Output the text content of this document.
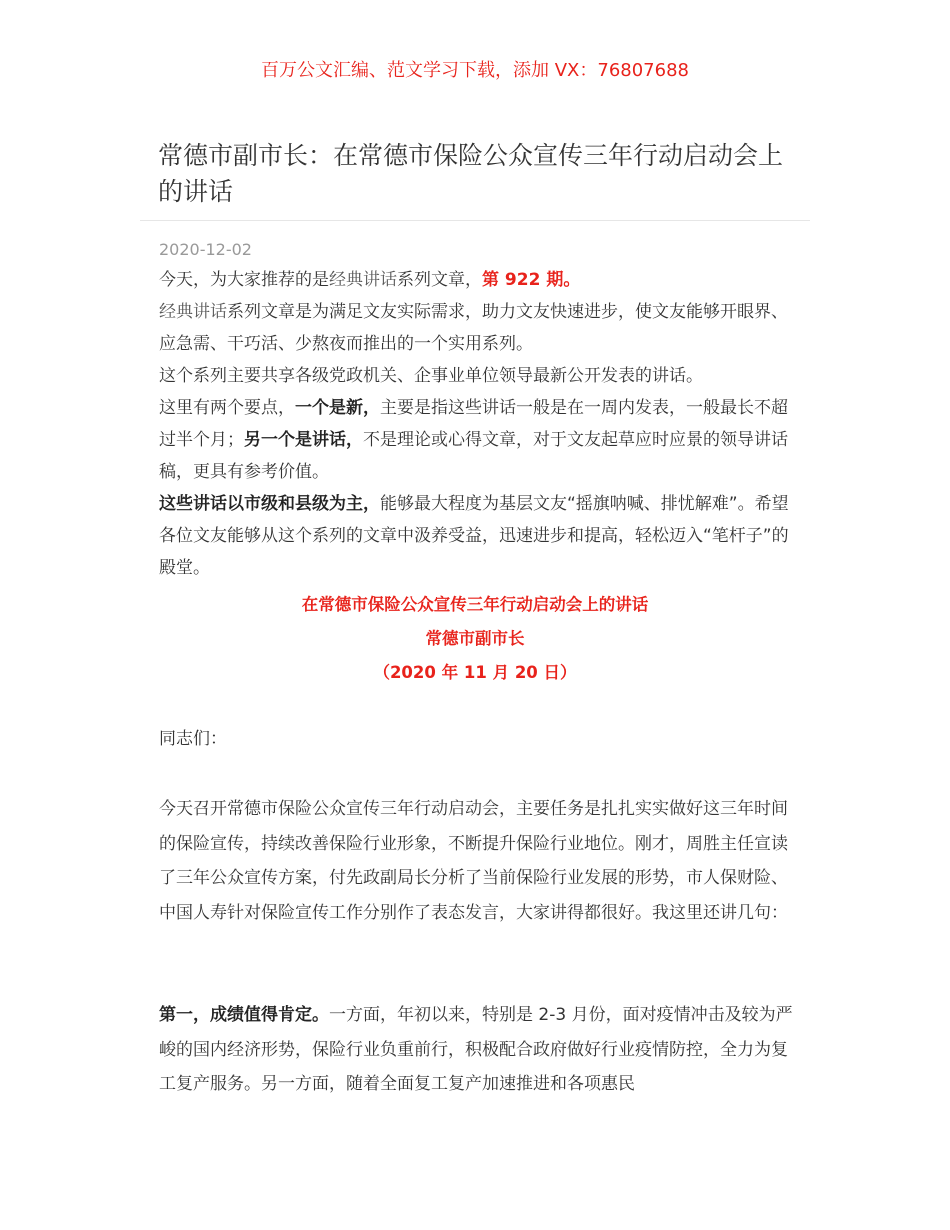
百万公文汇编、范文学习下载，添加 VX：76807688
常德市副市长：在常德市保险公众宣传三年行动启动会上的讲话
2020-12-02

今天，为大家推荐的是经典讲话系列文章，第 922 期。

经典讲话系列文章是为满足文友实际需求，助力文友快速进步，使文友能够开眼界、应急需、干巧活、少熬夜而推出的一个实用系列。

这个系列主要共享各级党政机关、企事业单位领导最新公开发表的讲话。

这里有两个要点，一个是新，主要是指这些讲话一般是在一周内发表，一般最长不超过半个月；另一个是讲话，不是理论或心得文章，对于文友起草应时应景的领导讲话稿，更具有参考价值。

这些讲话以市级和县级为主，能够最大程度为基层文友“摇旗呐喊、排忧解难”。希望各位文友能够从这个系列的文章中汲养受益，迅速进步和提高，轻松迈入“笔杆子”的殿堂。

在常德市保险公众宣传三年行动启动会上的讲话
常德市副市长
（2020 年 11 月 20 日）

同志们：

今天召开常德市保险公众宣传三年行动启动会，主要任务是扎扎实实做好这三年时间的保险宣传，持续改善保险行业形象，不断提升保险行业地位。刚才，周胜主任宣读了三年公众宣传方案，付先政副局长分析了当前保险行业发展的形势，市人保财险、中国人寿针对保险宣传工作分别作了表态发言，大家讲得都很好。我这里还讲几句：

第一，成绩值得肯定。一方面，年初以来，特别是 2-3 月份，面对疫情冲击及较为严峻的国内经济形势，保险行业负重前行，积极配合政府做好行业疫情防控，全力为复工复产服务。另一方面，随着全面复工复产加速推进和各项惠民
